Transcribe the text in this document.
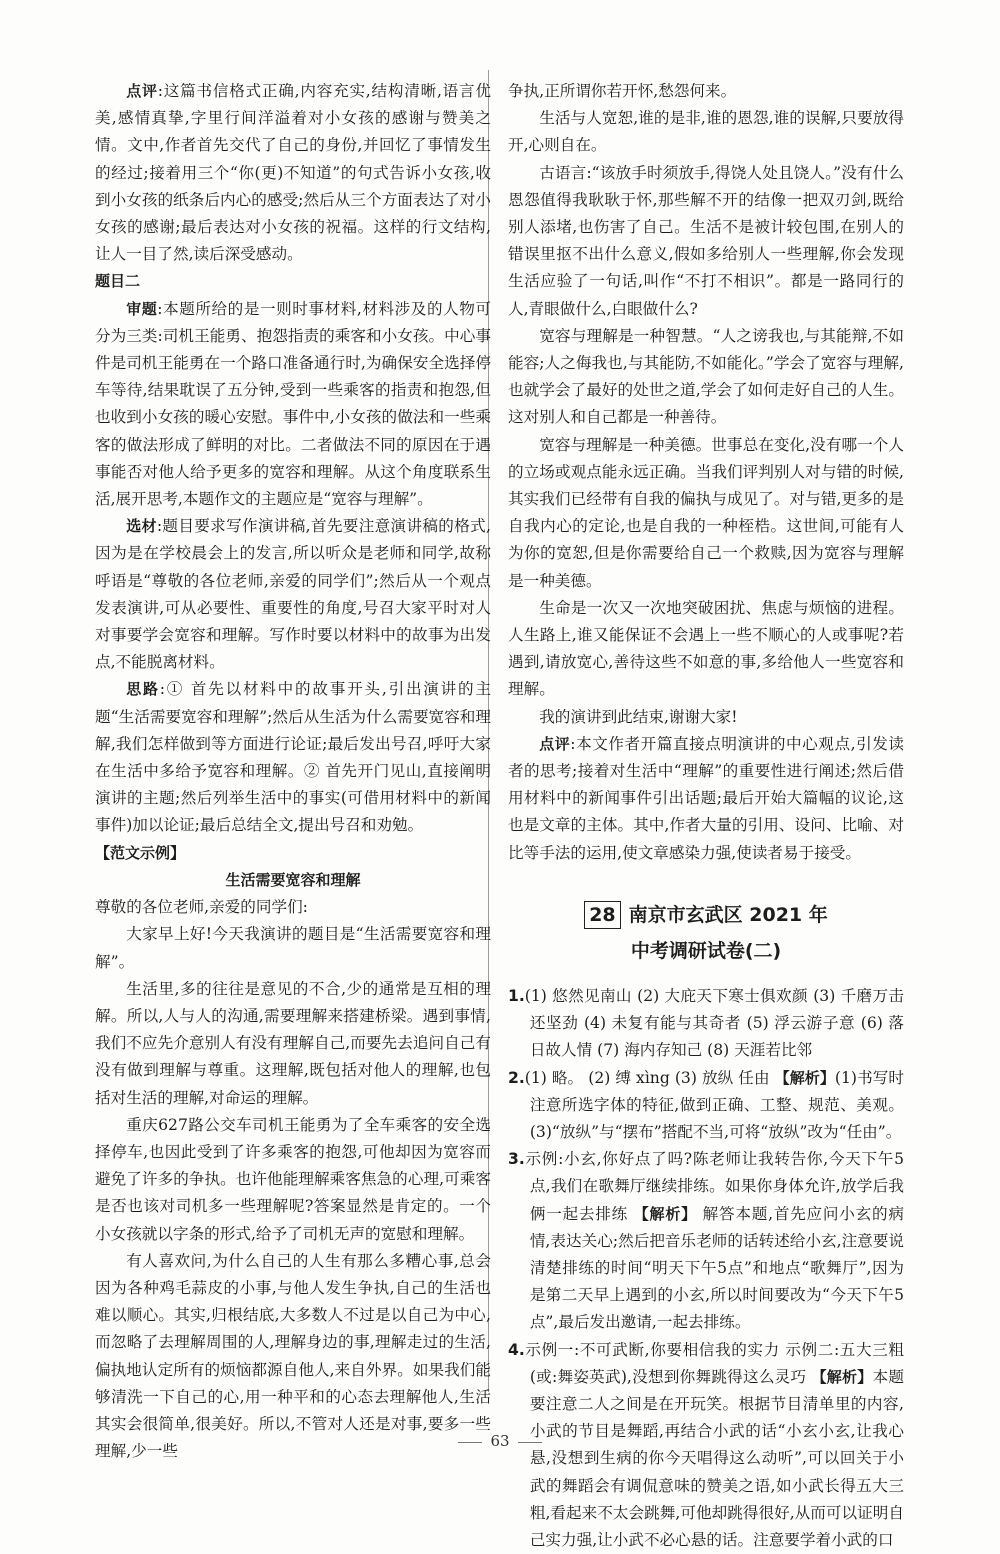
点评:这篇书信格式正确,内容充实,结构清晰,语言优美,感情真挚,字里行间洋溢着对小女孩的感谢与赞美之情。文中,作者首先交代了自己的身份,并回忆了事情发生的经过;接着用三个“你(更)不知道”的句式告诉小女孩,收到小女孩的纸条后内心的感受;然后从三个方面表达了对小女孩的感谢;最后表达对小女孩的祝福。这样的行文结构,让人一目了然,读后深受感动。

题目二

审题:本题所给的是一则时事材料,材料涉及的人物可分为三类:司机王能勇、抱怨指责的乘客和小女孩。中心事件是司机王能勇在一个路口准备通行时,为确保安全选择停车等待,结果耽误了五分钟,受到一些乘客的指责和抱怨,但也收到小女孩的暖心安慰。事件中,小女孩的做法和一些乘客的做法形成了鲜明的对比。二者做法不同的原因在于遇事能否对他人给予更多的宽容和理解。从这个角度联系生活,展开思考,本题作文的主题应是“宽容与理解”。

选材:题目要求写作演讲稿,首先要注意演讲稿的格式,因为是在学校晨会上的发言,所以听众是老师和同学,故称呼语是“尊敬的各位老师,亲爱的同学们”;然后从一个观点发表演讲,可从必要性、重要性的角度,号召大家平时对人对事要学会宽容和理解。写作时要以材料中的故事为出发点,不能脱离材料。

思路:① 首先以材料中的故事开头,引出演讲的主题“生活需要宽容和理解”;然后从生活为什么需要宽容和理解,我们怎样做到等方面进行论证;最后发出号召,呼吁大家在生活中多给予宽容和理解。② 首先开门见山,直接阐明演讲的主题;然后列举生活中的事实(可借用材料中的新闻事件)加以论证;最后总结全文,提出号召和劝勉。

【范文示例】

生活需要宽容和理解

尊敬的各位老师,亲爱的同学们:

大家早上好!今天我演讲的题目是“生活需要宽容和理解”。

生活里,多的往往是意见的不合,少的通常是互相的理解。所以,人与人的沟通,需要理解来搭建桥梁。遇到事情,我们不应先介意别人有没有理解自己,而要先去追问自己有没有做到理解与尊重。这理解,既包括对他人的理解,也包括对生活的理解,对命运的理解。

重庆627路公交车司机王能勇为了全车乘客的安全选择停车,也因此受到了许多乘客的抱怨,可他却因为宽容而避免了许多的争执。也许他能理解乘客焦急的心理,可乘客是否也该对司机多一些理解呢?答案显然是肯定的。一个小女孩就以字条的形式,给予了司机无声的宽慰和理解。

有人喜欢问,为什么自己的人生有那么多糟心事,总会因为各种鸡毛蒜皮的小事,与他人发生争执,自己的生活也难以顺心。其实,归根结底,大多数人不过是以自己为中心,而忽略了去理解周围的人,理解身边的事,理解走过的生活,偏执地认定所有的烦恼都源自他人,来自外界。如果我们能够清洗一下自己的心,用一种平和的心态去理解他人,生活其实会很简单,很美好。所以,不管对人还是对事,要多一些理解,少一些

争执,正所谓你若开怀,愁怨何来。

生活与人宽恕,谁的是非,谁的恩怨,谁的误解,只要放得开,心则自在。

古语言:“该放手时须放手,得饶人处且饶人。”没有什么恩怨值得我耿耿于怀,那些解不开的结像一把双刃剑,既给别人添堵,也伤害了自己。生活不是被计较包围,在别人的错误里抠不出什么意义,假如多给别人一些理解,你会发现生活应验了一句话,叫作“不打不相识”。都是一路同行的人,青眼做什么,白眼做什么?

宽容与理解是一种智慧。“人之谤我也,与其能辩,不如能容;人之侮我也,与其能防,不如能化。”学会了宽容与理解,也就学会了最好的处世之道,学会了如何走好自己的人生。这对别人和自己都是一种善待。

宽容与理解是一种美德。世事总在变化,没有哪一个人的立场或观点能永远正确。当我们评判别人对与错的时候,其实我们已经带有自我的偏执与成见了。对与错,更多的是自我内心的定论,也是自我的一种桎梏。这世间,可能有人为你的宽恕,但是你需要给自己一个救赎,因为宽容与理解是一种美德。

生命是一次又一次地突破困扰、焦虑与烦恼的进程。人生路上,谁又能保证不会遇上一些不顺心的人或事呢?若遇到,请放宽心,善待这些不如意的事,多给他人一些宽容和理解。

我的演讲到此结束,谢谢大家!

点评:本文作者开篇直接点明演讲的中心观点,引发读者的思考;接着对生活中“理解”的重要性进行阐述;然后借用材料中的新闻事件引出话题;最后开始大篇幅的议论,这也是文章的主体。其中,作者大量的引用、设问、比喻、对比等手法的运用,使文章感染力强,使读者易于接受。

28 南京市玄武区 2021 年
中考调研试卷(二)

1.(1) 悠然见南山 (2) 大庇天下寒士俱欢颜 (3) 千磨万击还坚劲 (4) 未复有能与其奇者 (5) 浮云游子意 (6) 落日故人情 (7) 海内存知己 (8) 天涯若比邻

2.(1) 略。 (2) 缚 xìng (3) 放纵 任由 【解析】(1)书写时注意所选字体的特征,做到正确、工整、规范、美观。 (3)“放纵”与“摆布”搭配不当,可将“放纵”改为“任由”。

3.示例:小玄,你好点了吗?陈老师让我转告你,今天下午5点,我们在歌舞厅继续排练。如果你身体允许,放学后我俩一起去排练 【解析】 解答本题,首先应问小玄的病情,表达关心;然后把音乐老师的话转述给小玄,注意要说清楚排练的时间“明天下午5点”和地点“歌舞厅”,因为是第二天早上遇到的小玄,所以时间要改为“今天下午5点”,最后发出邀请,一起去排练。

4.示例一:不可武断,你要相信我的实力 示例二:五大三粗(或:舞姿英武),没想到你舞跳得这么灵巧 【解析】本题要注意二人之间是在开玩笑。根据节目清单里的内容,小武的节目是舞蹈,再结合小武的话“小玄小玄,让我心悬,没想到生病的你今天唱得这么动听”,可以回关于小武的舞蹈会有调侃意味的赞美之语,如小武长得五大三粗,看起来不太会跳舞,可他却跳得很好,从而可以证明自己实力强,让小武不必心悬的话。注意要学着小武的口

63
